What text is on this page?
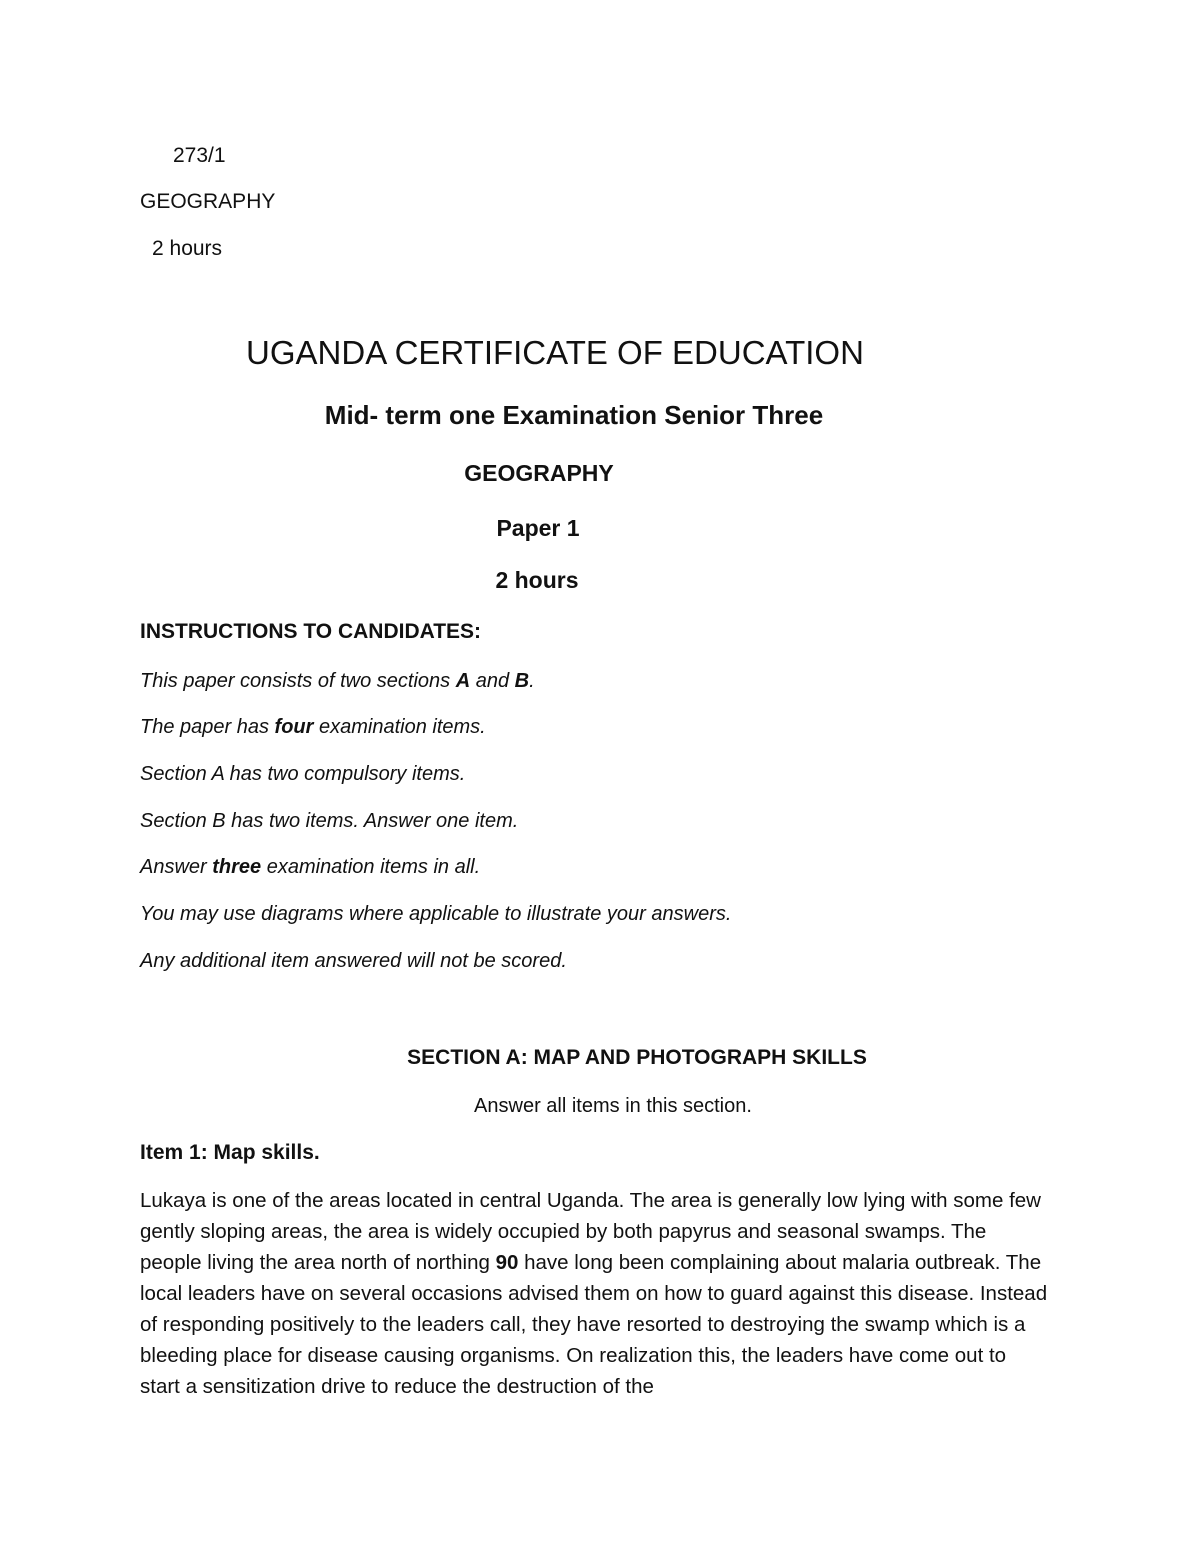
273/1
GEOGRAPHY
2 hours
UGANDA CERTIFICATE OF EDUCATION
Mid- term one Examination Senior Three
GEOGRAPHY
Paper 1
2 hours
INSTRUCTIONS TO CANDIDATES:
This paper consists of two sections A and B.
The paper has four examination items.
Section A has two compulsory items.
Section B has two items. Answer one item.
Answer three examination items in all.
You may use diagrams where applicable to illustrate your answers.
Any additional item answered will not be scored.
SECTION A: MAP AND PHOTOGRAPH SKILLS
Answer all items in this section.
Item 1: Map skills.
Lukaya is one of the areas located in central Uganda. The area is generally low lying with some few gently sloping areas, the area is widely occupied by both papyrus and seasonal swamps. The people living the area north of northing 90 have long been complaining about malaria outbreak. The local leaders have on several occasions advised them on how to guard against this disease. Instead of responding positively to the leaders call, they have resorted to destroying the swamp which is a bleeding place for disease causing organisms. On realization this, the leaders have come out to start a sensitization drive to reduce the destruction of the
